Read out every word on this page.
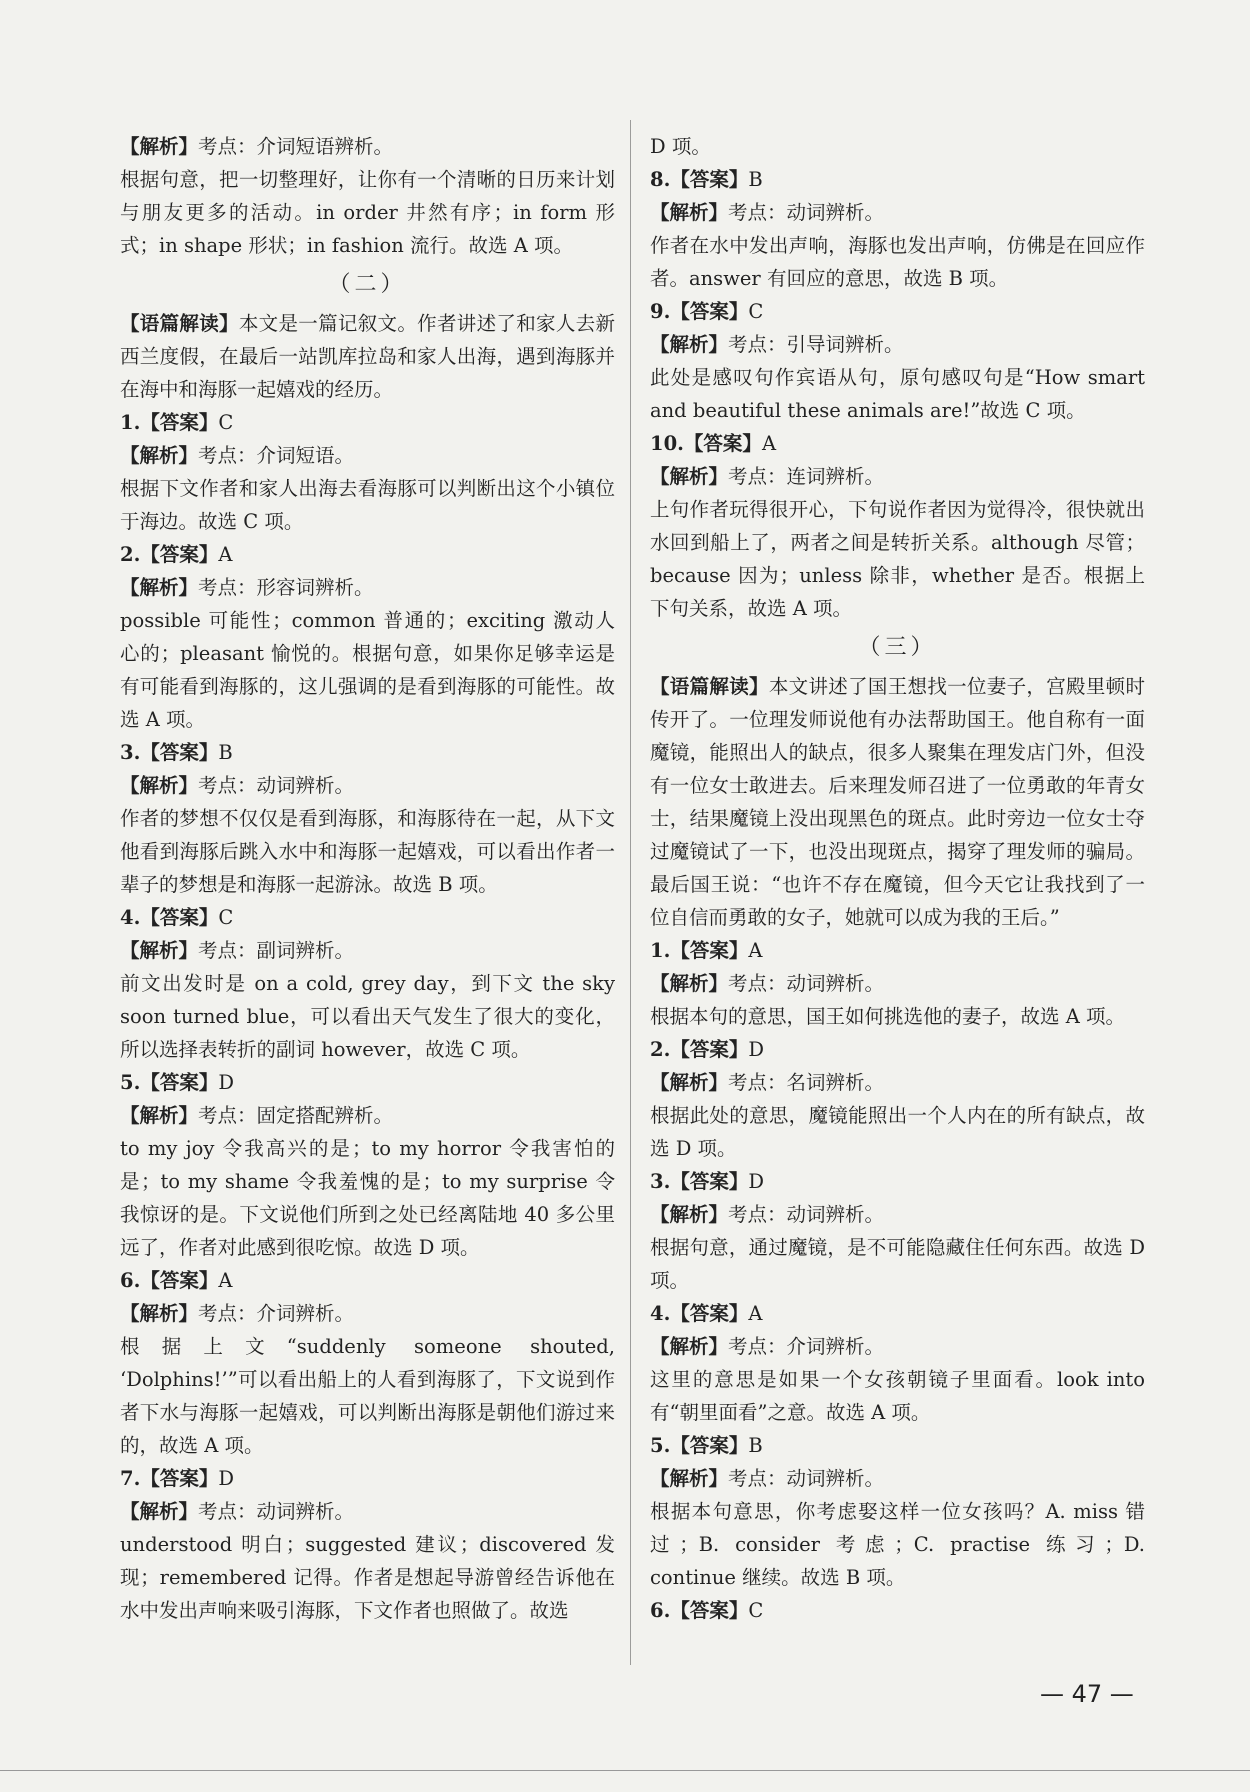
【解析】考点：介词短语辨析。

根据句意，把一切整理好，让你有一个清晰的日历来计划与朋友更多的活动。in order 井然有序；in form 形式；in shape 形状；in fashion 流行。故选 A 项。

（二）

【语篇解读】本文是一篇记叙文。作者讲述了和家人去新西兰度假，在最后一站凯库拉岛和家人出海，遇到海豚并在海中和海豚一起嬉戏的经历。

1.【答案】C

【解析】考点：介词短语。

根据下文作者和家人出海去看海豚可以判断出这个小镇位于海边。故选 C 项。

2.【答案】A

【解析】考点：形容词辨析。

possible 可能性；common 普通的；exciting 激动人心的；pleasant 愉悦的。根据句意，如果你足够幸运是有可能看到海豚的，这儿强调的是看到海豚的可能性。故选 A 项。

3.【答案】B

【解析】考点：动词辨析。

作者的梦想不仅仅是看到海豚，和海豚待在一起，从下文他看到海豚后跳入水中和海豚一起嬉戏，可以看出作者一辈子的梦想是和海豚一起游泳。故选 B 项。

4.【答案】C

【解析】考点：副词辨析。

前文出发时是 on a cold, grey day，到下文 the sky soon turned blue，可以看出天气发生了很大的变化，所以选择表转折的副词 however，故选 C 项。

5.【答案】D

【解析】考点：固定搭配辨析。

to my joy 令我高兴的是；to my horror 令我害怕的是；to my shame 令我羞愧的是；to my surprise 令我惊讶的是。下文说他们所到之处已经离陆地 40 多公里远了，作者对此感到很吃惊。故选 D 项。

6.【答案】A

【解析】考点：介词辨析。

根据上文“suddenly someone shouted, ‘Dolphins!’”可以看出船上的人看到海豚了，下文说到作者下水与海豚一起嬉戏，可以判断出海豚是朝他们游过来的，故选 A 项。

7.【答案】D

【解析】考点：动词辨析。

understood 明白；suggested 建议；discovered 发现；remembered 记得。作者是想起导游曾经告诉他在水中发出声响来吸引海豚，下文作者也照做了。故选

D 项。

8.【答案】B

【解析】考点：动词辨析。

作者在水中发出声响，海豚也发出声响，仿佛是在回应作者。answer 有回应的意思，故选 B 项。

9.【答案】C

【解析】考点：引导词辨析。

此处是感叹句作宾语从句，原句感叹句是“How smart and beautiful these animals are!”故选 C 项。

10.【答案】A

【解析】考点：连词辨析。

上句作者玩得很开心，下句说作者因为觉得冷，很快就出水回到船上了，两者之间是转折关系。although 尽管；because 因为；unless 除非，whether 是否。根据上下句关系，故选 A 项。

（三）

【语篇解读】本文讲述了国王想找一位妻子，宫殿里顿时传开了。一位理发师说他有办法帮助国王。他自称有一面魔镜，能照出人的缺点，很多人聚集在理发店门外，但没有一位女士敢进去。后来理发师召进了一位勇敢的年青女士，结果魔镜上没出现黑色的斑点。此时旁边一位女士夺过魔镜试了一下，也没出现斑点，揭穿了理发师的骗局。最后国王说：“也许不存在魔镜，但今天它让我找到了一位自信而勇敢的女子，她就可以成为我的王后。”

1.【答案】A

【解析】考点：动词辨析。

根据本句的意思，国王如何挑选他的妻子，故选 A 项。

2.【答案】D

【解析】考点：名词辨析。

根据此处的意思，魔镜能照出一个人内在的所有缺点，故选 D 项。

3.【答案】D

【解析】考点：动词辨析。

根据句意，通过魔镜，是不可能隐藏住任何东西。故选 D 项。

4.【答案】A

【解析】考点：介词辨析。

这里的意思是如果一个女孩朝镜子里面看。look into 有“朝里面看”之意。故选 A 项。

5.【答案】B

【解析】考点：动词辨析。

根据本句意思，你考虑娶这样一位女孩吗？A. miss 错过；B. consider 考虑；C. practise 练习；D. continue 继续。故选 B 项。

6.【答案】C

— 47 —
